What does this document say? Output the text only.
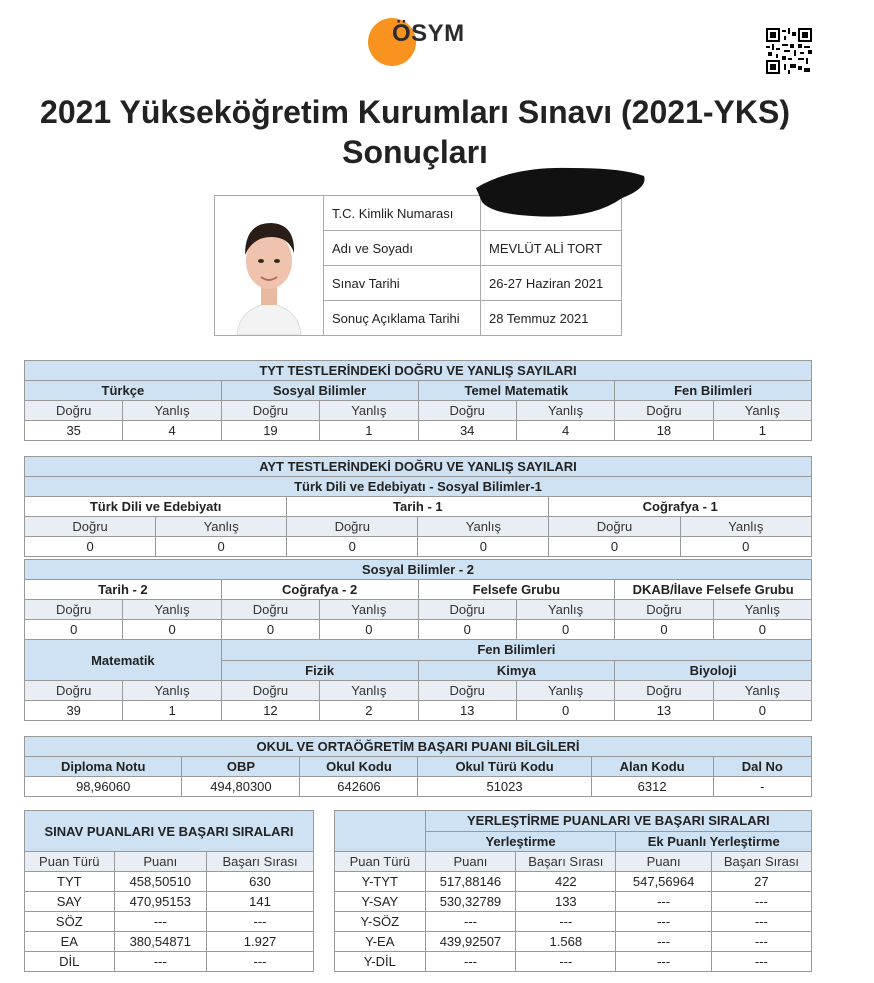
ÖSYM
2021 Yükseköğretim Kurumları Sınavı (2021-YKS) Sonuçları
	T.C. Kimlik Numarası	
	Adı ve Soyadı	MEVLÜT ALİ TORT
	Sınav Tarihi	26-27 Haziran 2021
	Sonuç Açıklama Tarihi	28 Temmuz 2021
TYT TESTLERİNDEKİ DOĞRU VE YANLIŞ SAYILARI							
Türkçe		Sosyal Bilimler		Temel Matematik		Fen Bilimleri	
Doğru	Yanlış	Doğru	Yanlış	Doğru	Yanlış	Doğru	Yanlış
35	4	19	1	34	4	18	1
AYT TESTLERİNDEKİ DOĞRU VE YANLIŞ SAYILARI					
Türk Dili ve Edebiyatı - Sosyal Bilimler-1					
Türk Dili ve Edebiyatı		Tarih - 1		Coğrafya - 1	
Doğru	Yanlış	Doğru	Yanlış	Doğru	Yanlış
0	0	0	0	0	0
Sosyal Bilimler - 2							
Tarih - 2		Coğrafya - 2		Felsefe Grubu		DKAB/İlave Felsefe Grubu	
Doğru	Yanlış	Doğru	Yanlış	Doğru	Yanlış	Doğru	Yanlış
0	0	0	0	0	0	0	0
Matematik		Fen Bilimleri					
		Fizik		Kimya		Biyoloji	
Doğru	Yanlış	Doğru	Yanlış	Doğru	Yanlış	Doğru	Yanlış
39	1	12	2	13	0	13	0
OKUL VE ORTAÖĞRETİM BAŞARI PUANI BİLGİLERİ					
Diploma Notu	OBP	Okul Kodu	Okul Türü Kodu	Alan Kodu	Dal No
98,96060	494,80300	642606	51023	6312	-
SINAV PUANLARI VE BAŞARI SIRALARI		
Puan Türü	Puanı	Başarı Sırası
TYT	458,50510	630
SAY	470,95153	141
SÖZ	---	---
EA	380,54871	1.927
DİL	---	---
	YERLEŞTİRME PUANLARI VE BAŞARI SIRALARI			
	Yerleştirme		Ek Puanlı Yerleştirme	
Puan Türü	Puanı	Başarı Sırası	Puanı	Başarı Sırası
Y-TYT	517,88146	422	547,56964	27
Y-SAY	530,32789	133	---	---
Y-SÖZ	---	---	---	---
Y-EA	439,92507	1.568	---	---
Y-DİL	---	---	---	---
